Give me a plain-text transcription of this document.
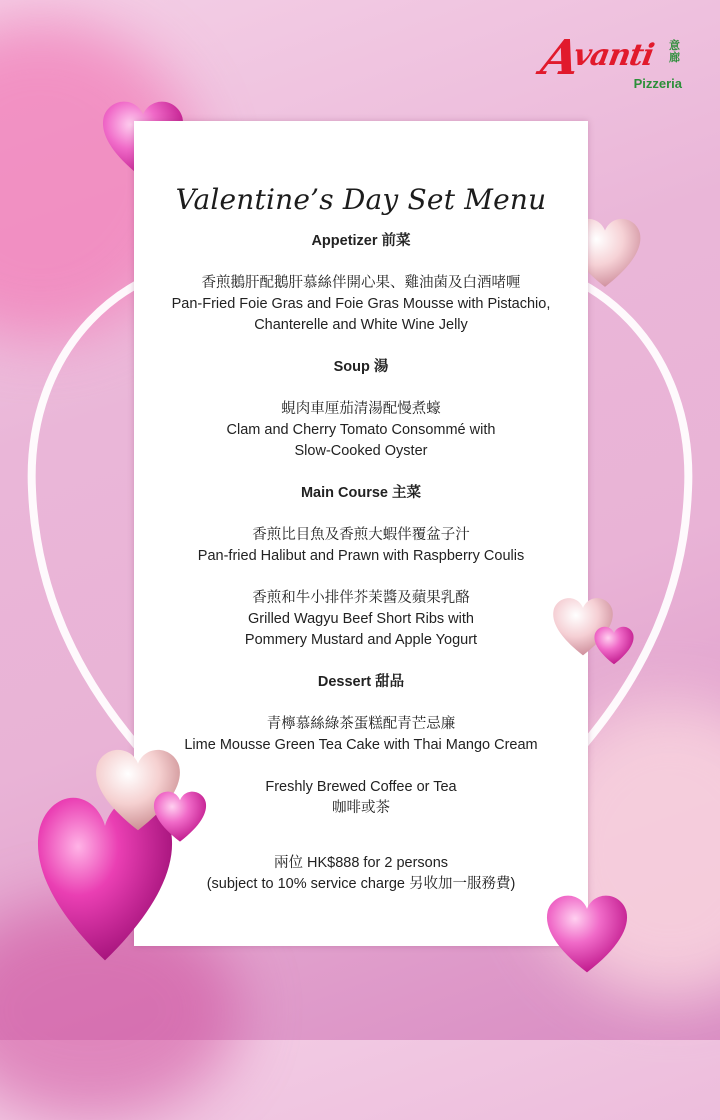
A
vanti 意廊
Pizzeria
Valentine’s Day Set Menu
Appetizer 前菜
香煎鵝肝配鵝肝慕絲伴開心果、雞油菌及白酒啫喱
Pan-Fried Foie Gras and Foie Gras Mousse with Pistachio,
Chanterelle and White Wine Jelly
Soup 湯
蜆肉車厘茄清湯配慢煮蠔
Clam and Cherry Tomato Consommé with
Slow-Cooked Oyster
Main Course 主菜
香煎比目魚及香煎大蝦伴覆盆子汁
Pan-fried Halibut and Prawn with Raspberry Coulis
香煎和牛小排伴芥茉醬及蘋果乳酪
Grilled Wagyu Beef Short Ribs with
Pommery Mustard and Apple Yogurt
Dessert 甜品
青檸慕絲綠茶蛋糕配青芒忌廉
Lime Mousse Green Tea Cake with Thai Mango Cream
Freshly Brewed Coffee or Tea
咖啡或茶
兩位 HK$888 for 2 persons
(subject to 10% service charge 另收加一服務費)
